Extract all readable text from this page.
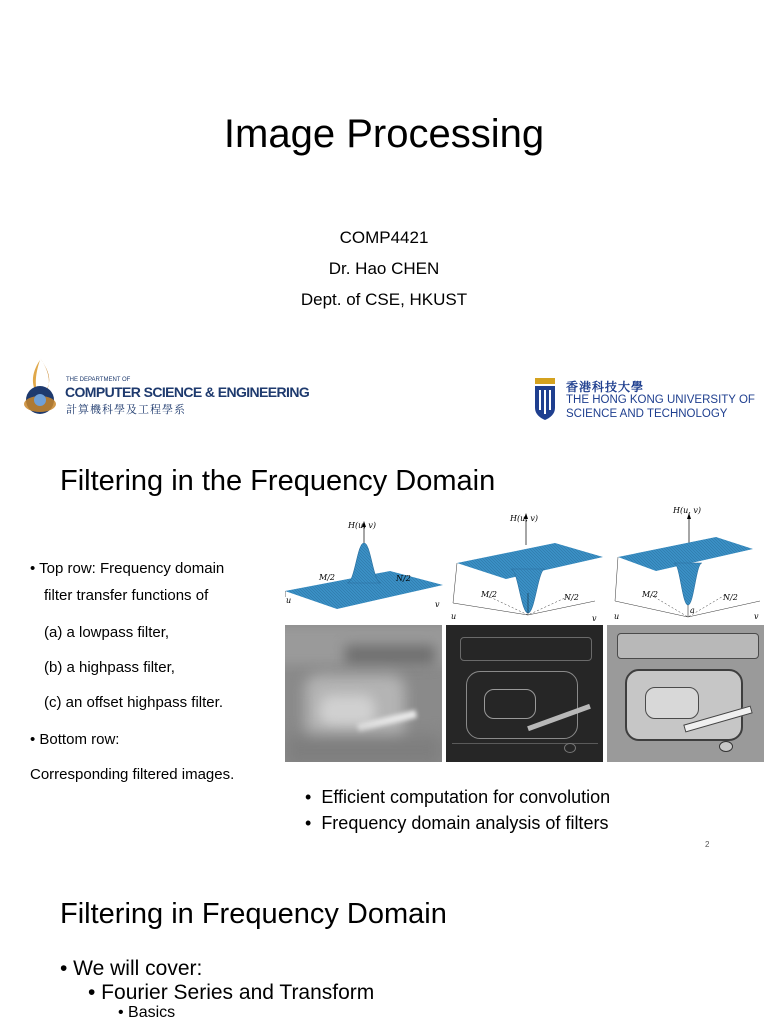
Image Processing
COMP4421
Dr. Hao CHEN
Dept. of CSE, HKUST
THE DEPARTMENT OF
COMPUTER SCIENCE & ENGINEERING
計算機科學及工程學系
香港科技大學
THE HONG KONG UNIVERSITY OF
SCIENCE AND TECHNOLOGY
Filtering in the Frequency Domain
• Top row: Frequency domain
filter transfer functions of
(a) a lowpass filter,
(b) a highpass filter,
(c) an offset highpass filter.
• Bottom row:
Corresponding filtered images.
H(u, v)
M/2	N/2
u	v
H(u, v)
M/2	N/2
u	v
H(u, v)
M/2	N/2
a
u	v
• Efficient computation for convolution
• Frequency domain analysis of filters
2
Filtering in Frequency Domain
• We will cover:
• Fourier Series and Transform
• Basics
